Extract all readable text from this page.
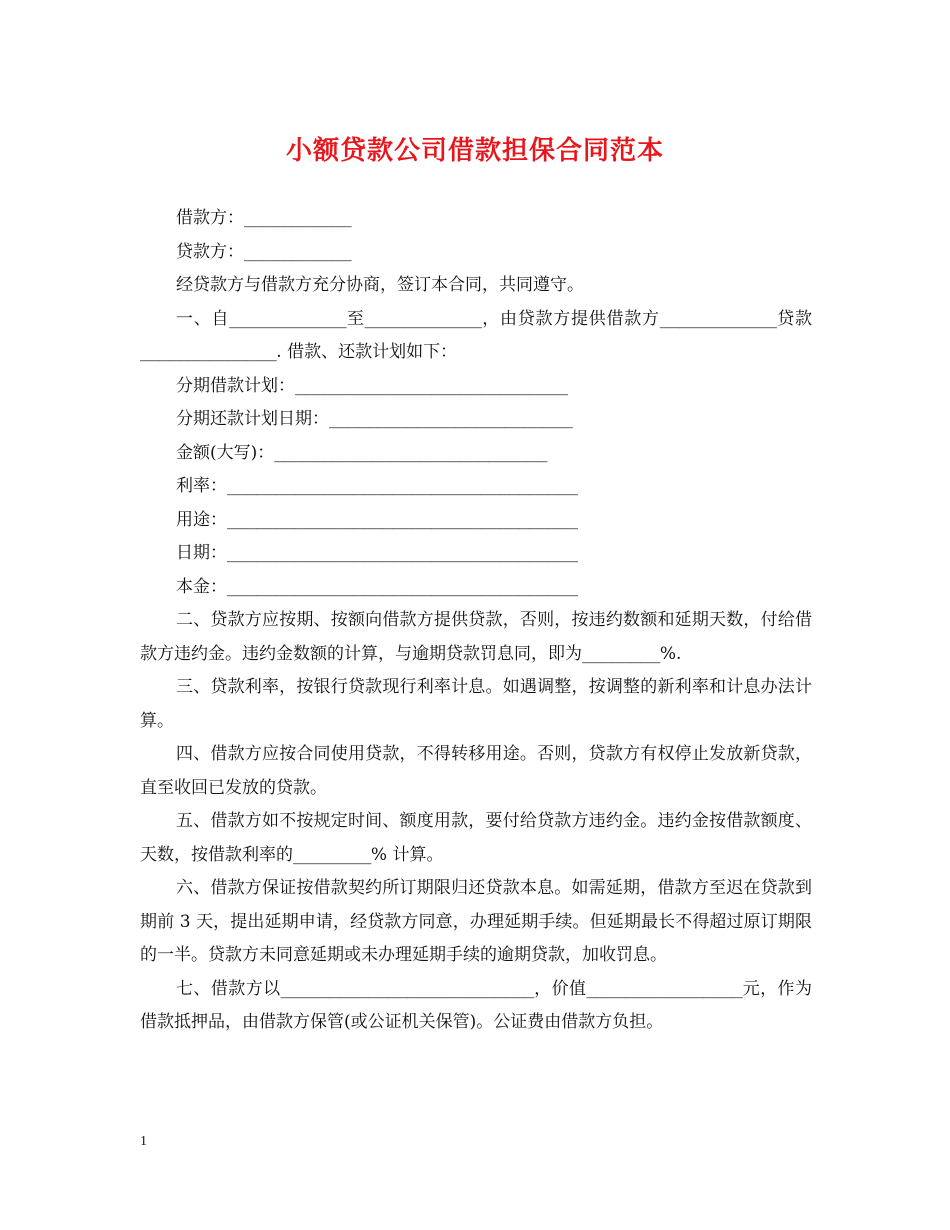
小额贷款公司借款担保合同范本
借款方：___________
贷款方：___________

经贷款方与借款方充分协商，签订本合同，共同遵守。

一、自____________至____________，由贷款方提供借款方____________贷款______________. 借款、还款计划如下：

分期借款计划：____________________________
分期还款计划日期：_________________________
金额(大写)：____________________________
利率：____________________________________
用途：____________________________________
日期：____________________________________
本金：____________________________________

二、贷款方应按期、按额向借款方提供贷款，否则，按违约数额和延期天数，付给借款方违约金。违约金数额的计算，与逾期贷款罚息同，即为________%.

三、贷款利率，按银行贷款现行利率计息。如遇调整，按调整的新利率和计息办法计算。

四、借款方应按合同使用贷款，不得转移用途。否则，贷款方有权停止发放新贷款，直至收回已发放的贷款。

五、借款方如不按规定时间、额度用款，要付给贷款方违约金。违约金按借款额度、天数，按借款利率的________% 计算。

六、借款方保证按借款契约所订期限归还贷款本息。如需延期，借款方至迟在贷款到期前 3 天，提出延期申请，经贷款方同意，办理延期手续。但延期最长不得超过原订期限的一半。贷款方未同意延期或未办理延期手续的逾期贷款，加收罚息。

七、借款方以__________________________，价值________________元，作为借款抵押品，由借款方保管(或公证机关保管)。公证费由借款方负担。

1
